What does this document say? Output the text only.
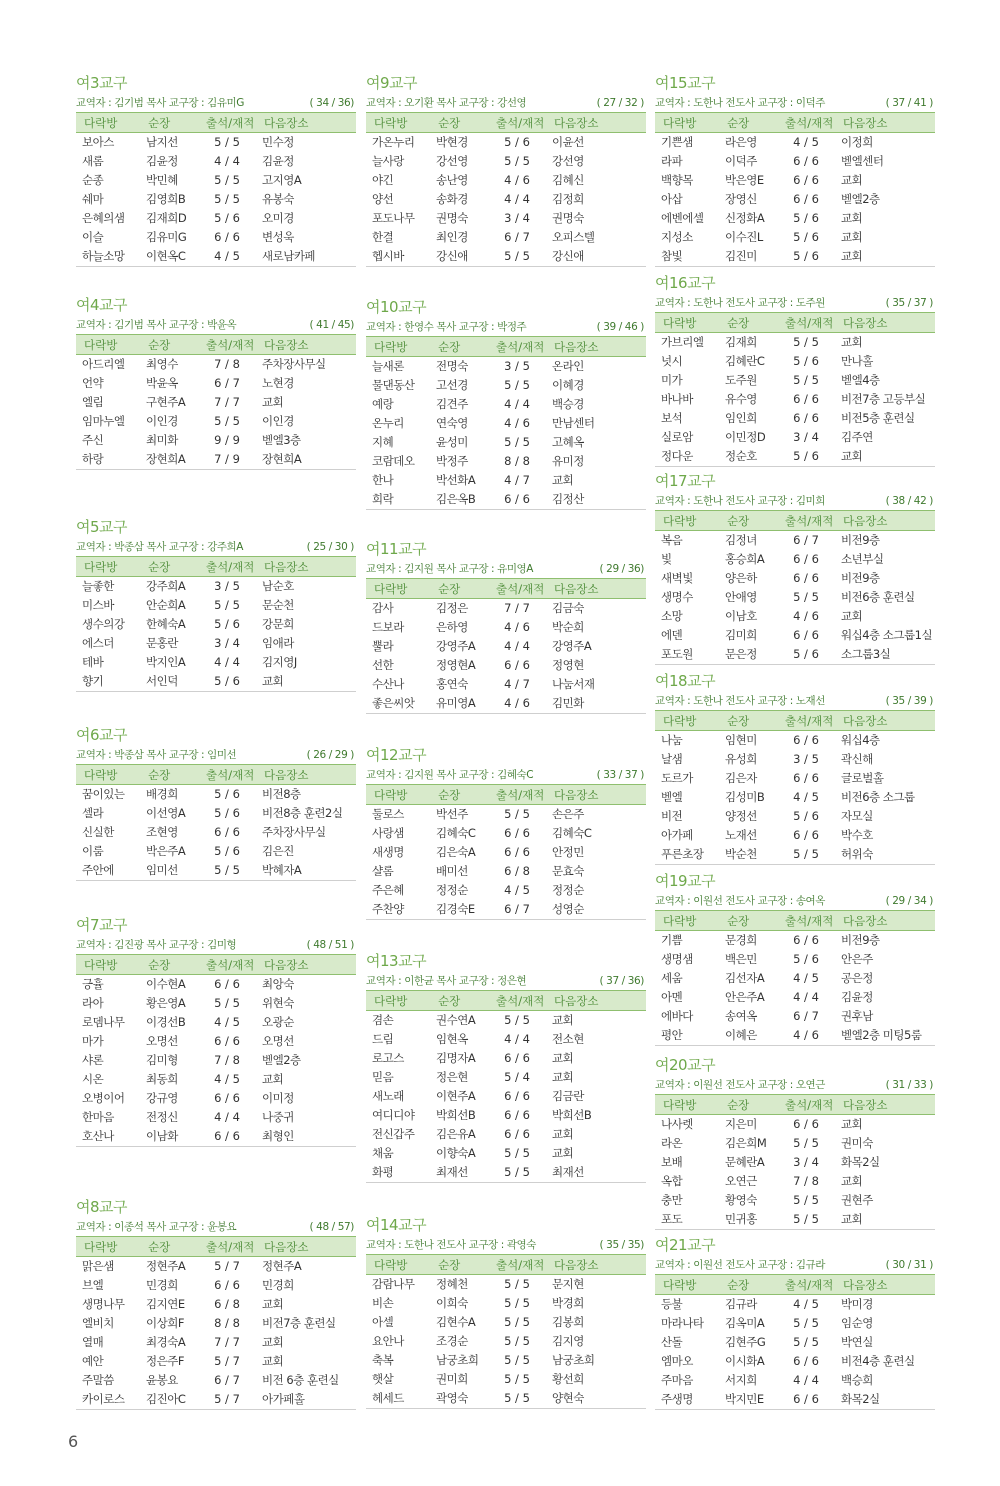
여3교구
교역자 : 김기범 목사 교구장 : 김유미G	( 34 / 36)
다락방	순장	출석/재적	다음장소
보아스	남지선	5 / 5	민수정
새롬	김윤정	4 / 4	김윤정
순종	박민혜	5 / 5	고지영A
쉐마	김영희B	5 / 5	유봉숙
은혜의샘	김재희D	5 / 6	오미경
이슬	김유미G	6 / 6	변성욱
하늘소망	이현옥C	4 / 5	새로남카페
여4교구
교역자 : 김기범 목사 교구장 : 박윤옥	( 41 / 45)
다락방	순장	출석/재적	다음장소
아드리엘	최영수	7 / 8	주차장사무실
언약	박윤옥	6 / 7	노현경
엘림	구현주A	7 / 7	교회
임마누엘	이인경	5 / 5	이인경
주신	최미화	9 / 9	벧엘3층
하랑	장현희A	7 / 9	장현희A
여5교구
교역자 : 박종삼 목사 교구장 : 강주희A	( 25 / 30 )
다락방	순장	출석/재적	다음장소
늘좋한	강주희A	3 / 5	남순호
미스바	안순희A	5 / 5	문순천
생수의강	한혜숙A	5 / 6	강문희
에스더	문홍란	3 / 4	임애라
테바	박지인A	4 / 4	김지영J
향기	서인덕	5 / 6	교회
여6교구
교역자 : 박종삼 목사 교구장 : 임미선	( 26 / 29 )
다락방	순장	출석/재적	다음장소
꿈이있는	배경희	5 / 6	비전8층
셀라	이선영A	5 / 6	비전8층 훈련2실
신실한	조현영	6 / 6	주차장사무실
이룸	박은주A	5 / 6	김은진
주안에	임미선	5 / 5	박혜자A
여7교구
교역자 : 김진광 목사 교구장 : 김미형	( 48 / 51 )
다락방	순장	출석/재적	다음장소
긍휼	이수현A	6 / 6	최앙숙
라아	황은영A	5 / 5	위현숙
로뎀나무	이경선B	4 / 5	오광순
마가	오명선	6 / 6	오명선
샤론	김미형	7 / 8	벧엘2층
시온	최동희	4 / 5	교회
오병이어	강규영	6 / 6	이미정
한마음	전정신	4 / 4	나중귀
호산나	이남화	6 / 6	최형인
여8교구
교역자 : 이종석 목사 교구장 : 윤봉요	( 48 / 57)
다락방	순장	출석/재적	다음장소
맑은샘	정현주A	5 / 7	정현주A
브엘	민경희	6 / 6	민경희
생명나무	김지연E	6 / 8	교회
엘비치	이상희F	8 / 8	비전7층 훈련실
열매	최경숙A	7 / 7	교회
예안	정은주F	5 / 7	교회
주말씀	윤봉요	6 / 7	비전 6층 훈련실
카이로스	김진아C	5 / 7	아가페홀
여9교구
교역자 : 오기환 목사 교구장 : 강선영	( 27 / 32 )
다락방	순장	출석/재적	다음장소
가온누리	박현경	5 / 6	이윤선
늘사랑	강선영	5 / 5	강선영
야긴	송난영	4 / 6	김혜신
양선	송화경	4 / 4	김정희
포도나무	권명숙	3 / 4	권명숙
한결	최인경	6 / 7	오피스텔
헵시바	강신애	5 / 5	강신애
여10교구
교역자 : 한영수 목사 교구장 : 박정주	( 39 / 46 )
다락방	순장	출석/재적	다음장소
늘새론	전명숙	3 / 5	온라인
물댄동산	고선경	5 / 5	이혜경
예랑	김견주	4 / 4	백승경
온누리	연숙영	4 / 6	만남센터
지혜	윤성미	5 / 5	고혜옥
코람데오	박정주	8 / 8	유미정
한나	박선화A	4 / 7	교회
희락	김은옥B	6 / 6	김정산
여11교구
교역자 : 김지원 목사 교구장 : 유미영A	( 29 / 36)
다락방	순장	출석/재적	다음장소
감사	김정은	7 / 7	김금숙
드보라	은하영	4 / 6	박순희
뿔라	강영주A	4 / 4	강영주A
선한	정영현A	6 / 6	정영현
수산나	홍연숙	4 / 7	나눔서재
좋은씨앗	유미영A	4 / 6	김민화
여12교구
교역자 : 김지원 목사 교구장 : 김혜숙C	( 33 / 37 )
다락방	순장	출석/재적	다음장소
둘로스	박선주	5 / 5	손은주
사랑샘	김혜숙C	6 / 6	김혜숙C
새생명	김은숙A	6 / 6	안정민
샬롬	배미선	6 / 8	문효숙
주은혜	정정순	4 / 5	정정순
주찬양	김경숙E	6 / 7	성영순
여13교구
교역자 : 이한균 목사 교구장 : 정은현	( 37 / 36)
다락방	순장	출석/재적	다음장소
겸손	권수연A	5 / 5	교회
드림	임현옥	4 / 4	전소현
로고스	김명자A	6 / 6	교회
믿음	정은현	5 / 4	교회
새노래	이현주A	6 / 6	김금란
여디디야	박희선B	6 / 6	박희선B
전신갑주	김은유A	6 / 6	교회
채움	이향숙A	5 / 5	교회
화평	최재선	5 / 5	최재선
여14교구
교역자 : 도한나 전도사 교구장 : 곽영숙	( 35 / 35)
다락방	순장	출석/재적	다음장소
감람나무	정혜천	5 / 5	문지현
비손	이희숙	5 / 5	박경희
아셀	김현수A	5 / 5	김봉희
요안나	조경순	5 / 5	김지영
축복	남궁초희	5 / 5	남궁초희
햇살	권미희	5 / 5	황선희
헤세드	곽영숙	5 / 5	양현숙
여15교구
교역자 : 도한나 전도사 교구장 : 이덕주	( 37 / 41 )
다락방	순장	출석/재적	다음장소
기쁜샘	라은영	4 / 5	이정희
라파	이덕주	6 / 6	벧엘센터
백향목	박은영E	6 / 6	교회
아삽	장영신	6 / 6	벧엘2층
에벤에셀	신정화A	5 / 6	교회
지성소	이수진L	5 / 6	교회
참빛	김진미	5 / 6	교회
여16교구
교역자 : 도한나 전도사 교구장 : 도주원	( 35 / 37 )
다락방	순장	출석/재적	다음장소
가브리엘	김재희	5 / 5	교회
넛시	김혜란C	5 / 6	만나홀
미가	도주원	5 / 5	벧엘4층
바나바	유수영	6 / 6	비전7층 고등부실
보석	임인희	6 / 6	비전5층 훈련실
실로암	이민정D	3 / 4	김주연
정다운	정순호	5 / 6	교회
여17교구
교역자 : 도한나 전도사 교구장 : 김미희	( 38 / 42 )
다락방	순장	출석/재적	다음장소
복음	김정녀	6 / 7	비전9층
빛	홍승희A	6 / 6	소년부실
새벽빛	양은하	6 / 6	비전9층
생명수	안애영	5 / 5	비전6층 훈련실
소망	이남호	4 / 6	교회
에덴	김미희	6 / 6	워십4층 소그룹1실
포도원	문은정	5 / 6	소그룹3실
여18교구
교역자 : 도한나 전도사 교구장 : 노재선	( 35 / 39 )
다락방	순장	출석/재적	다음장소
나눔	임현미	6 / 6	워십4층
날샘	유성희	3 / 5	곽신해
도르가	김은자	6 / 6	글로벌홀
벧엘	김성미B	4 / 5	비전6층 소그룹
비전	양정선	5 / 6	자모실
아가페	노재선	6 / 6	박수호
푸른초장	박순천	5 / 5	허위숙
여19교구
교역자 : 이원선 전도사 교구장 : 송여옥	( 29 / 34 )
다락방	순장	출석/재적	다음장소
기쁨	문경희	6 / 6	비전9층
생명샘	백은민	5 / 6	안은주
세움	김선자A	4 / 5	공은정
아멘	안은주A	4 / 4	김윤정
에바다	송여옥	6 / 7	권후남
평안	이혜은	4 / 6	벧엘2층 미팅5룸
여20교구
교역자 : 이원선 전도사 교구장 : 오연근	( 31 / 33 )
다락방	순장	출석/재적	다음장소
나사렛	지은미	6 / 6	교회
라온	김은희M	5 / 5	권미숙
보배	문혜란A	3 / 4	화목2실
옥합	오연근	7 / 8	교회
충만	황영숙	5 / 5	권현주
포도	민귀홍	5 / 5	교회
여21교구
교역자 : 이원선 전도사 교구장 : 김규라	( 30 / 31 )
다락방	순장	출석/재적	다음장소
등불	김규라	4 / 5	박미경
마라나타	김옥미A	5 / 5	임순영
산돌	김현주G	5 / 5	박연실
엠마오	이시화A	6 / 6	비전4층 훈련실
주마음	서지희	4 / 4	백승희
주생명	박지민E	6 / 6	화목2실
6
